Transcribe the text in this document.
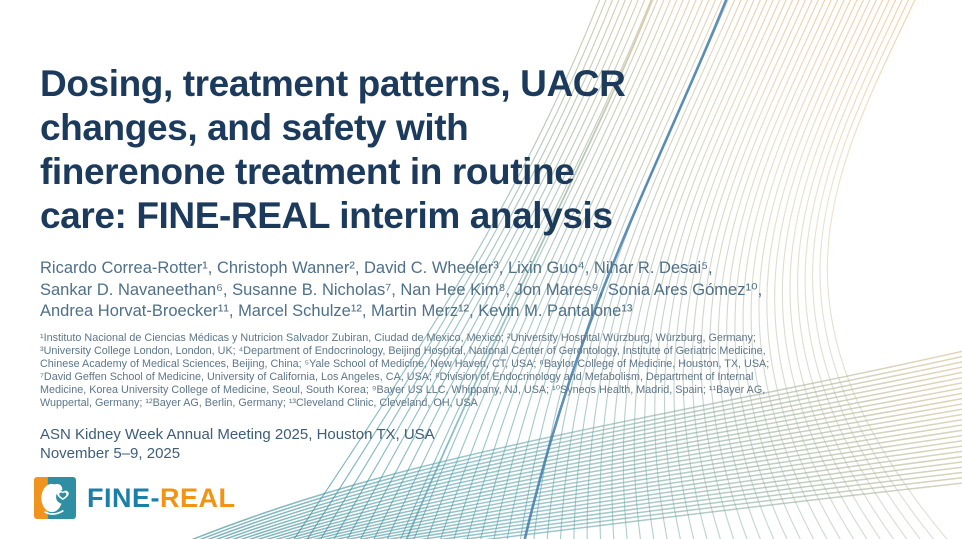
Dosing, treatment patterns, UACR
changes, and safety with
finerenone treatment in routine
care: FINE-REAL interim analysis
Ricardo Correa-Rotter¹, Christoph Wanner², David C. Wheeler³, Lixin Guo⁴, Nihar R. Desai⁵,
Sankar D. Navaneethan⁶, Susanne B. Nicholas⁷, Nan Hee Kim⁸, Jon Mares⁹, Sonia Ares Gómez¹⁰,
Andrea Horvat-Broecker¹¹, Marcel Schulze¹², Martin Merz¹², Kevin M. Pantalone¹³
¹Instituto Nacional de Ciencias Médicas y Nutricion Salvador Zubiran, Ciudad de Mexico, Mexico; ²University Hospital Würzburg, Würzburg, Germany;
³University College London, London, UK; ⁴Department of Endocrinology, Beijing Hospital, National Center of Gerontology, Institute of Geriatric Medicine,
Chinese Academy of Medical Sciences, Beijing, China; ⁵Yale School of Medicine, New Haven, CT, USA; ⁶Baylor College of Medicine, Houston, TX, USA;
⁷David Geffen School of Medicine, University of California, Los Angeles, CA, USA; ⁸Division of Endocrinology and Metabolism, Department of Internal
Medicine, Korea University College of Medicine, Seoul, South Korea; ⁹Bayer US LLC, Whippany, NJ, USA; ¹⁰Syneos Health, Madrid, Spain; ¹¹Bayer AG,
Wuppertal, Germany; ¹²Bayer AG, Berlin, Germany; ¹³Cleveland Clinic, Cleveland, OH, USA
ASN Kidney Week Annual Meeting 2025, Houston TX, USA
November 5–9, 2025
FINE-REAL
